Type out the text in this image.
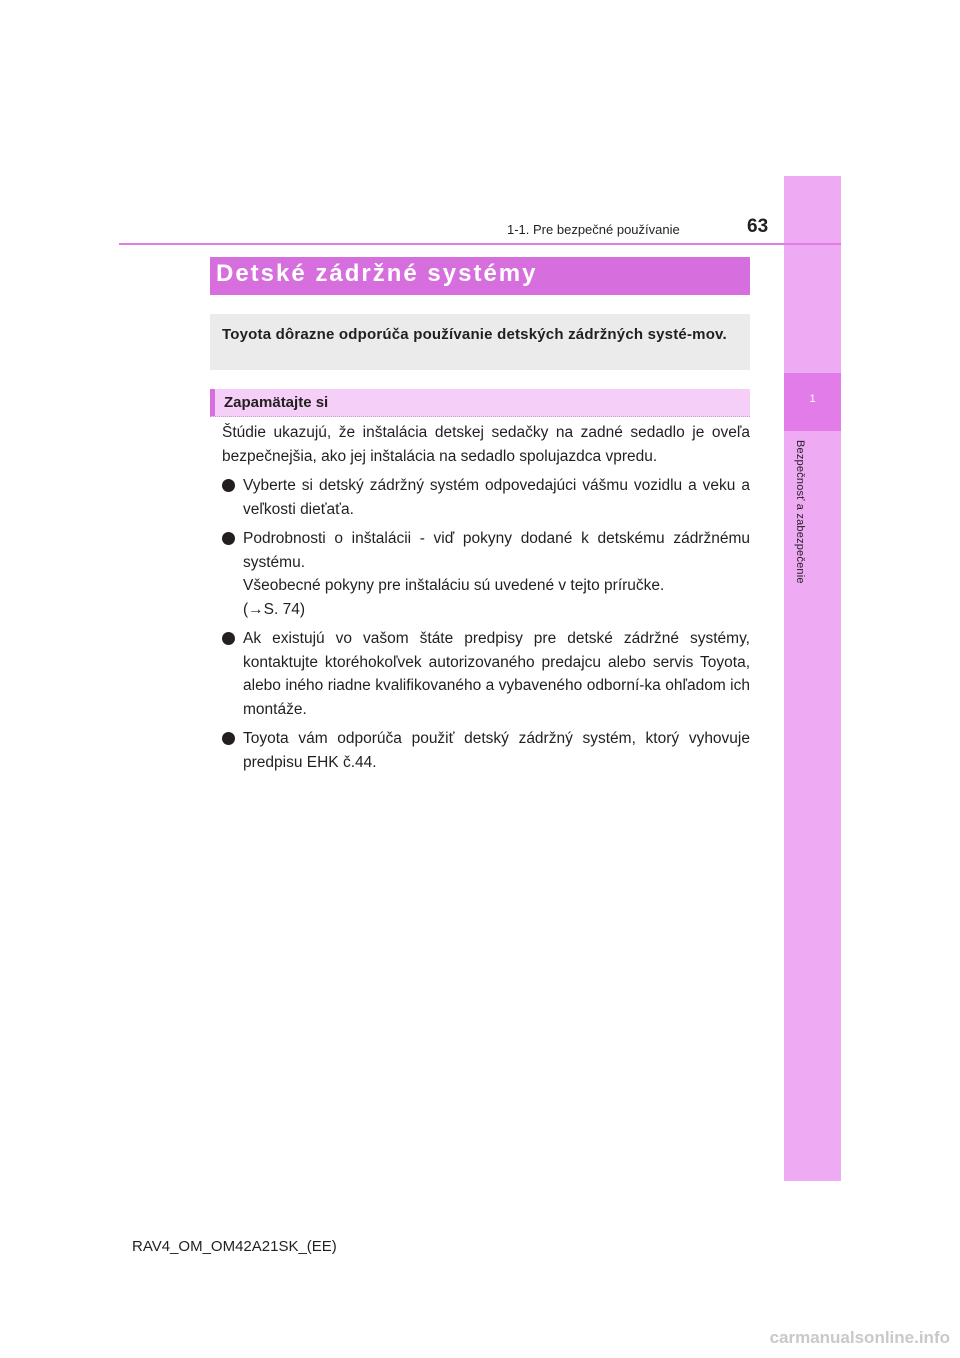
1
Bezpečnosť a zabezpečenie
1-1. Pre bezpečné používanie	63
Detské zádržné systémy
Toyota dôrazne odporúča používanie detských zádržných systé-mov.
Zapamätajte si

Štúdie ukazujú, že inštalácia detskej sedačky na zadné sedadlo je oveľa bezpečnejšia, ako jej inštalácia na sedadlo spolujazdca vpredu.

Vyberte si detský zádržný systém odpovedajúci vášmu vozidlu a veku a veľkosti dieťaťa.
Podrobnosti o inštalácii - viď pokyny dodané k detskému zádržnému systému.
Všeobecné pokyny pre inštaláciu sú uvedené v tejto príručke.
(→S. 74)
Ak existujú vo vašom štáte predpisy pre detské zádržné systémy, kontaktujte ktoréhokoľvek autorizovaného predajcu alebo servis Toyota, alebo iného riadne kvalifikovaného a vybaveného odborní-ka ohľadom ich montáže.
Toyota vám odporúča použiť detský zádržný systém, ktorý vyhovuje predpisu EHK č.44.
RAV4_OM_OM42A21SK_(EE)
carmanualsonline.info
